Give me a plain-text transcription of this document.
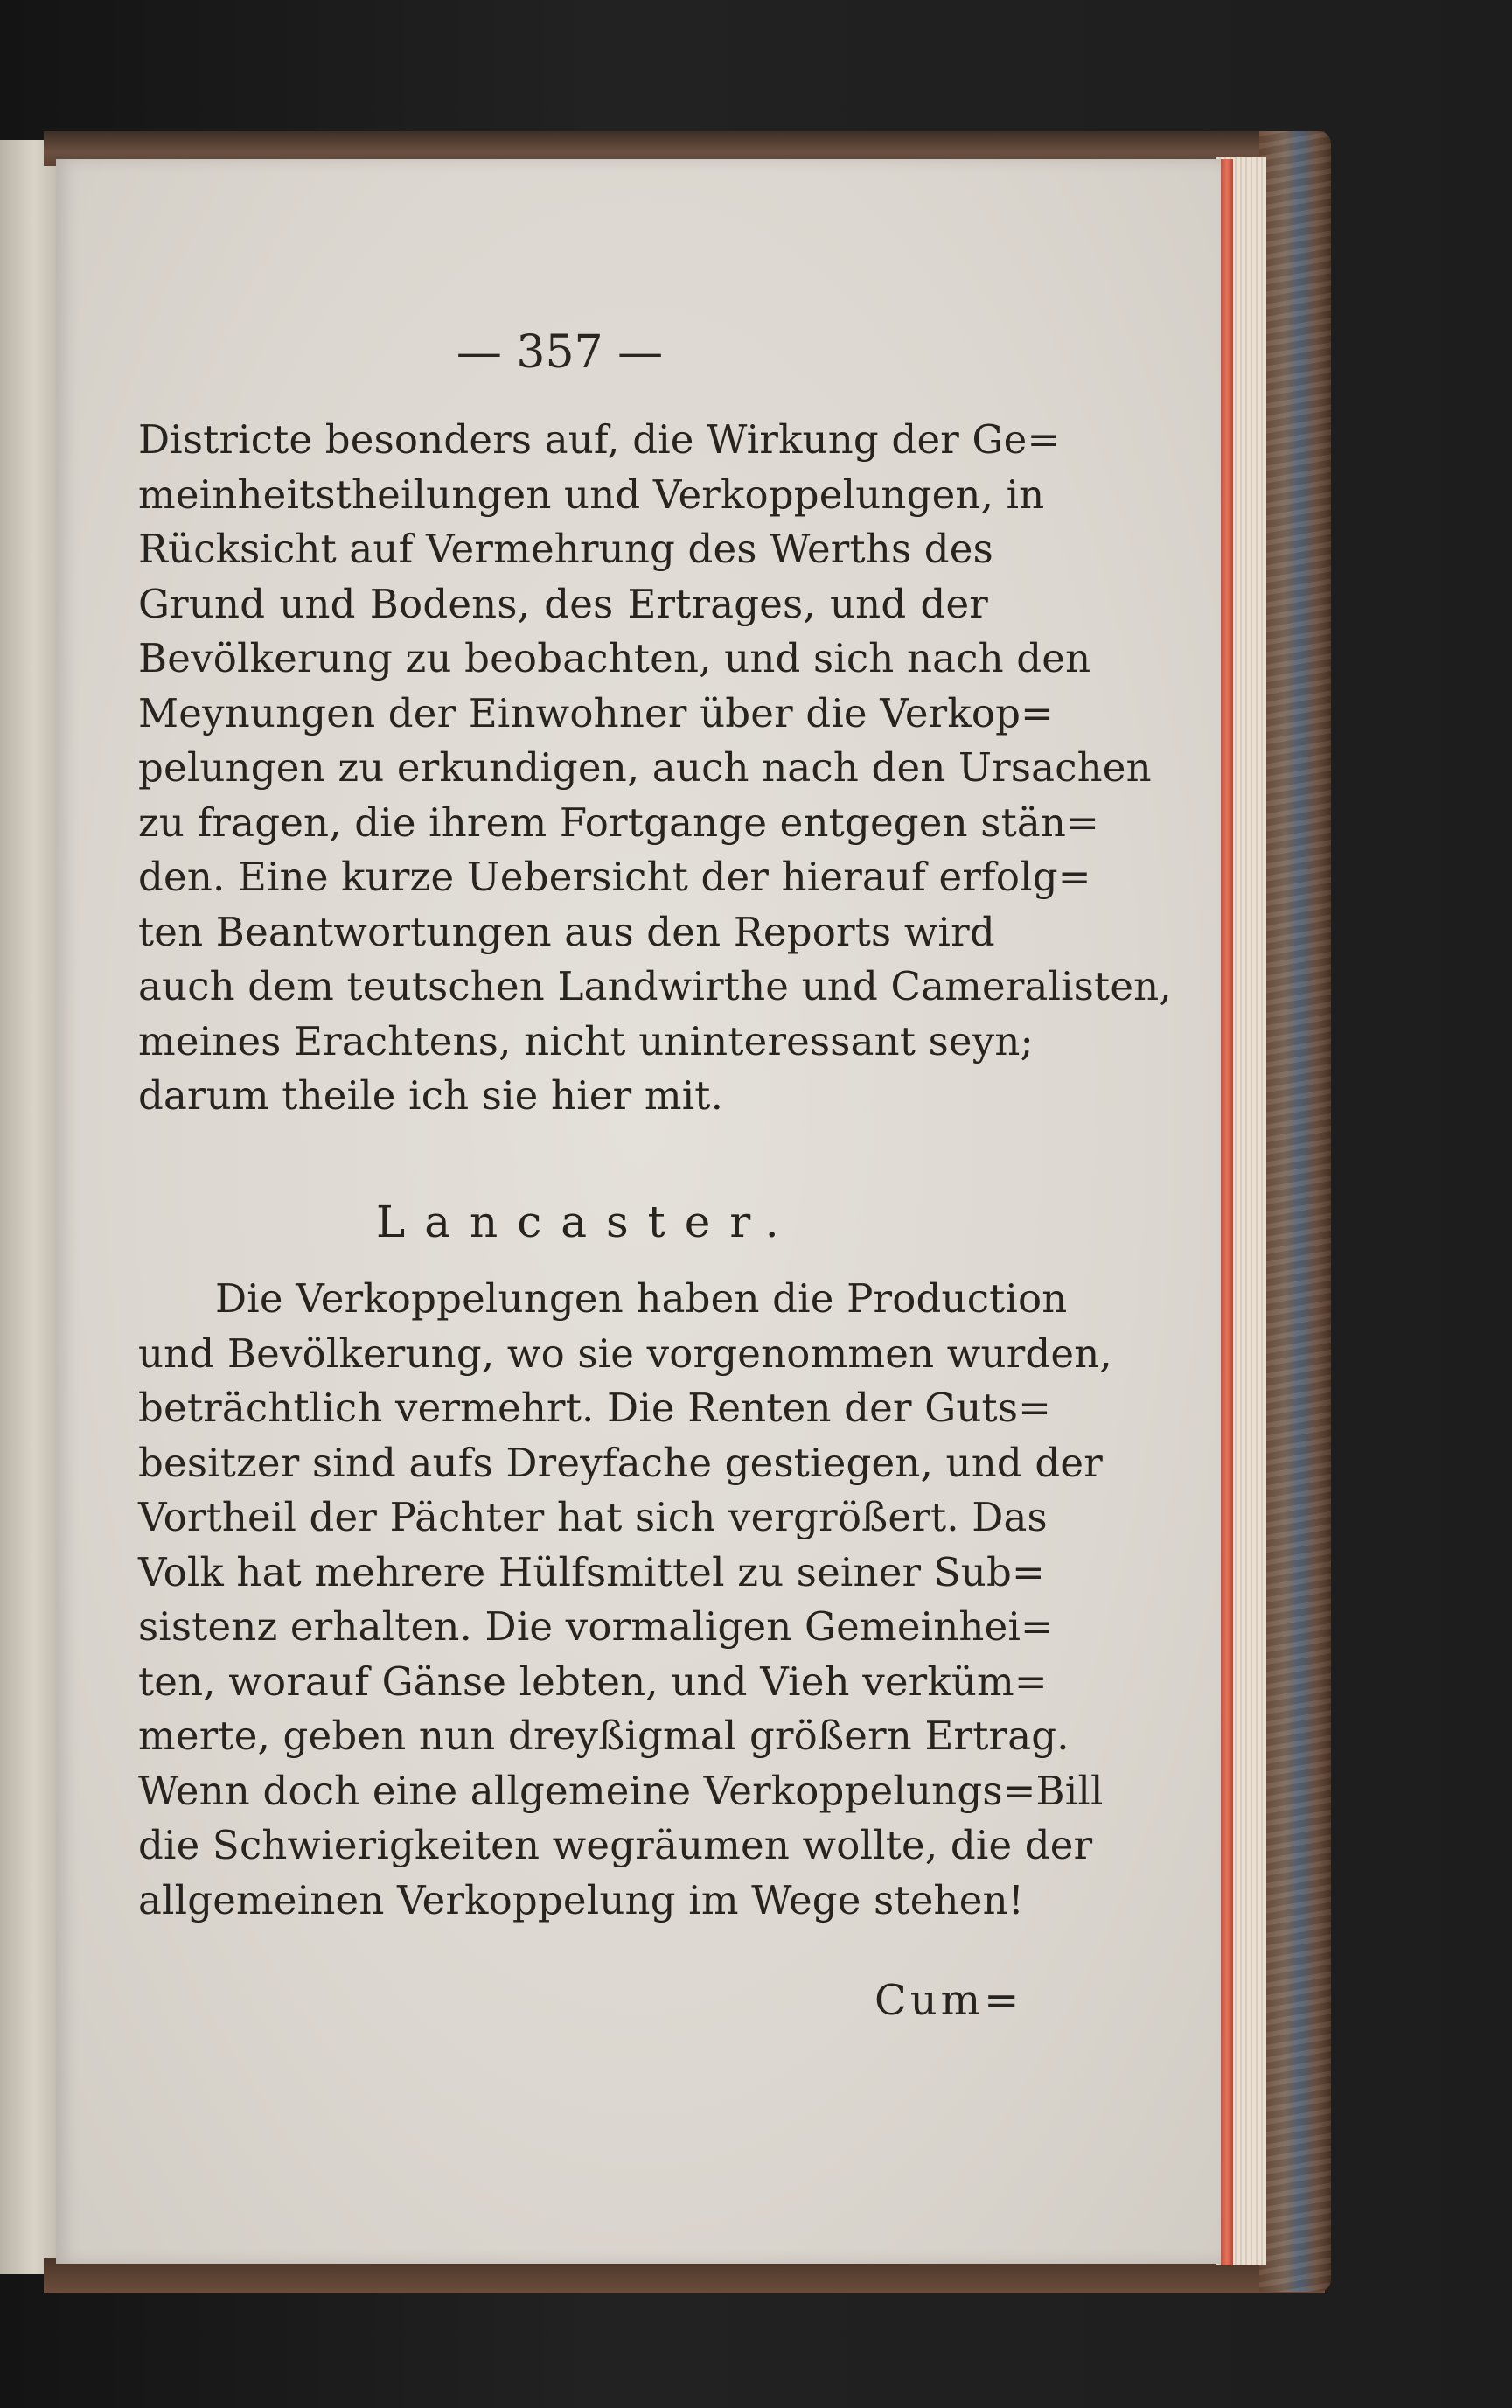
— 357 —
Districte besonders auf, die Wirkung der Ge=
meinheitstheilungen und Verkoppelungen, in
Rücksicht auf Vermehrung des Werths des
Grund und Bodens, des Ertrages, und der
Bevölkerung zu beobachten, und sich nach den
Meynungen der Einwohner über die Verkop=
pelungen zu erkundigen, auch nach den Ursachen
zu fragen, die ihrem Fortgange entgegen stän=
den. Eine kurze Uebersicht der hierauf erfolg=
ten Beantwortungen aus den Reports wird
auch dem teutschen Landwirthe und Cameralisten,
meines Erachtens, nicht uninteressant seyn;
darum theile ich sie hier mit.
Lancaster.
Die Verkoppelungen haben die Production
und Bevölkerung, wo sie vorgenommen wurden,
beträchtlich vermehrt. Die Renten der Guts=
besitzer sind aufs Dreyfache gestiegen, und der
Vortheil der Pächter hat sich vergrößert. Das
Volk hat mehrere Hülfsmittel zu seiner Sub=
sistenz erhalten. Die vormaligen Gemeinhei=
ten, worauf Gänse lebten, und Vieh verküm=
merte, geben nun dreyßigmal größern Ertrag.
Wenn doch eine allgemeine Verkoppelungs=Bill
die Schwierigkeiten wegräumen wollte, die der
allgemeinen Verkoppelung im Wege stehen!
Cum=
